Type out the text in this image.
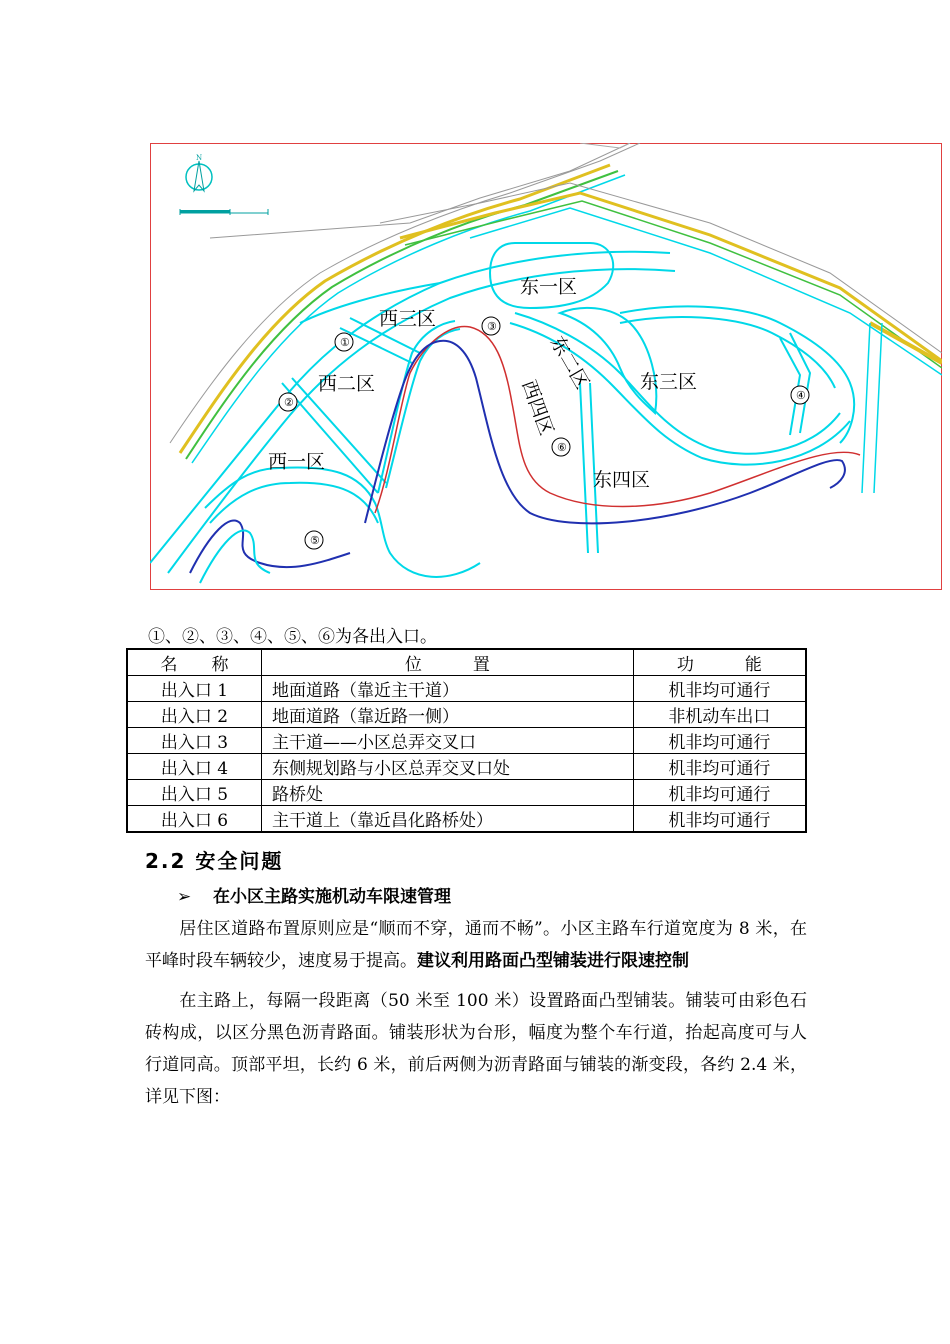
N
东一区
西三区
东二区
西二区	东三区
西四区
西一区
东四区
①
②
③
④
⑤
⑥
①、②、③、④、⑤、⑥为各出入口。
名　　称	位　　　置	功　　　能
出入口 1	地面道路（靠近主干道）	机非均可通行
出入口 2	地面道路（靠近路一侧）	非机动车出口
出入口 3	主干道——小区总弄交叉口	机非均可通行
出入口 4	东侧规划路与小区总弄交叉口处	机非均可通行
出入口 5	路桥处	机非均可通行
出入口 6	主干道上（靠近昌化路桥处）	机非均可通行
2.2 安全问题
➢ 在小区主路实施机动车限速管理
居住区道路布置原则应是“顺而不穿，通而不畅”。小区主路车行道宽度为 8 米，在平峰时段车辆较少，速度易于提高。建议利用路面凸型铺装进行限速控制
在主路上，每隔一段距离（50 米至 100 米）设置路面凸型铺装。铺装可由彩色石砖构成，以区分黑色沥青路面。铺装形状为台形，幅度为整个车行道，抬起高度可与人行道同高。顶部平坦，长约 6 米，前后两侧为沥青路面与铺装的渐变段，各约 2.4 米，详见下图：
